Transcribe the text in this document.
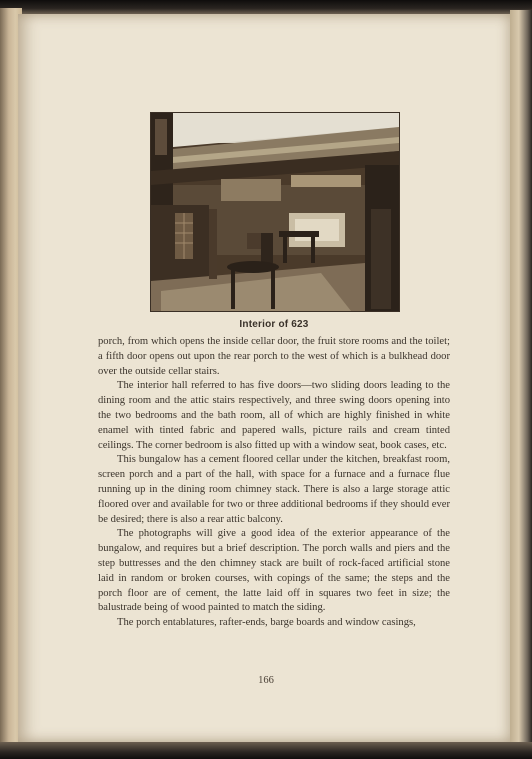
Interior of 623

porch, from which opens the inside cellar door, the fruit store rooms and the toilet; a fifth door opens out upon the rear porch to the west of which is a bulkhead door over the outside cellar stairs.

The interior hall referred to has five doors—two sliding doors leading to the dining room and the attic stairs respectively, and three swing doors opening into the two bedrooms and the bath room, all of which are highly finished in white enamel with tinted fabric and papered walls, picture rails and cream tinted ceilings. The corner bedroom is also fitted up with a window seat, book cases, etc.

This bungalow has a cement floored cellar under the kitchen, breakfast room, screen porch and a part of the hall, with space for a furnace and a furnace flue running up in the dining room chimney stack. There is also a large storage attic floored over and available for two or three additional bedrooms if they should ever be desired; there is also a rear attic balcony.

The photographs will give a good idea of the exterior appearance of the bungalow, and requires but a brief description. The porch walls and piers and the step buttresses and the den chimney stack are built of rock-faced artificial stone laid in random or broken courses, with copings of the same; the steps and the porch floor are of cement, the latte laid off in squares two feet in size; the balustrade being of wood painted to match the siding.

The porch entablatures, rafter-ends, barge boards and window casings,

166
